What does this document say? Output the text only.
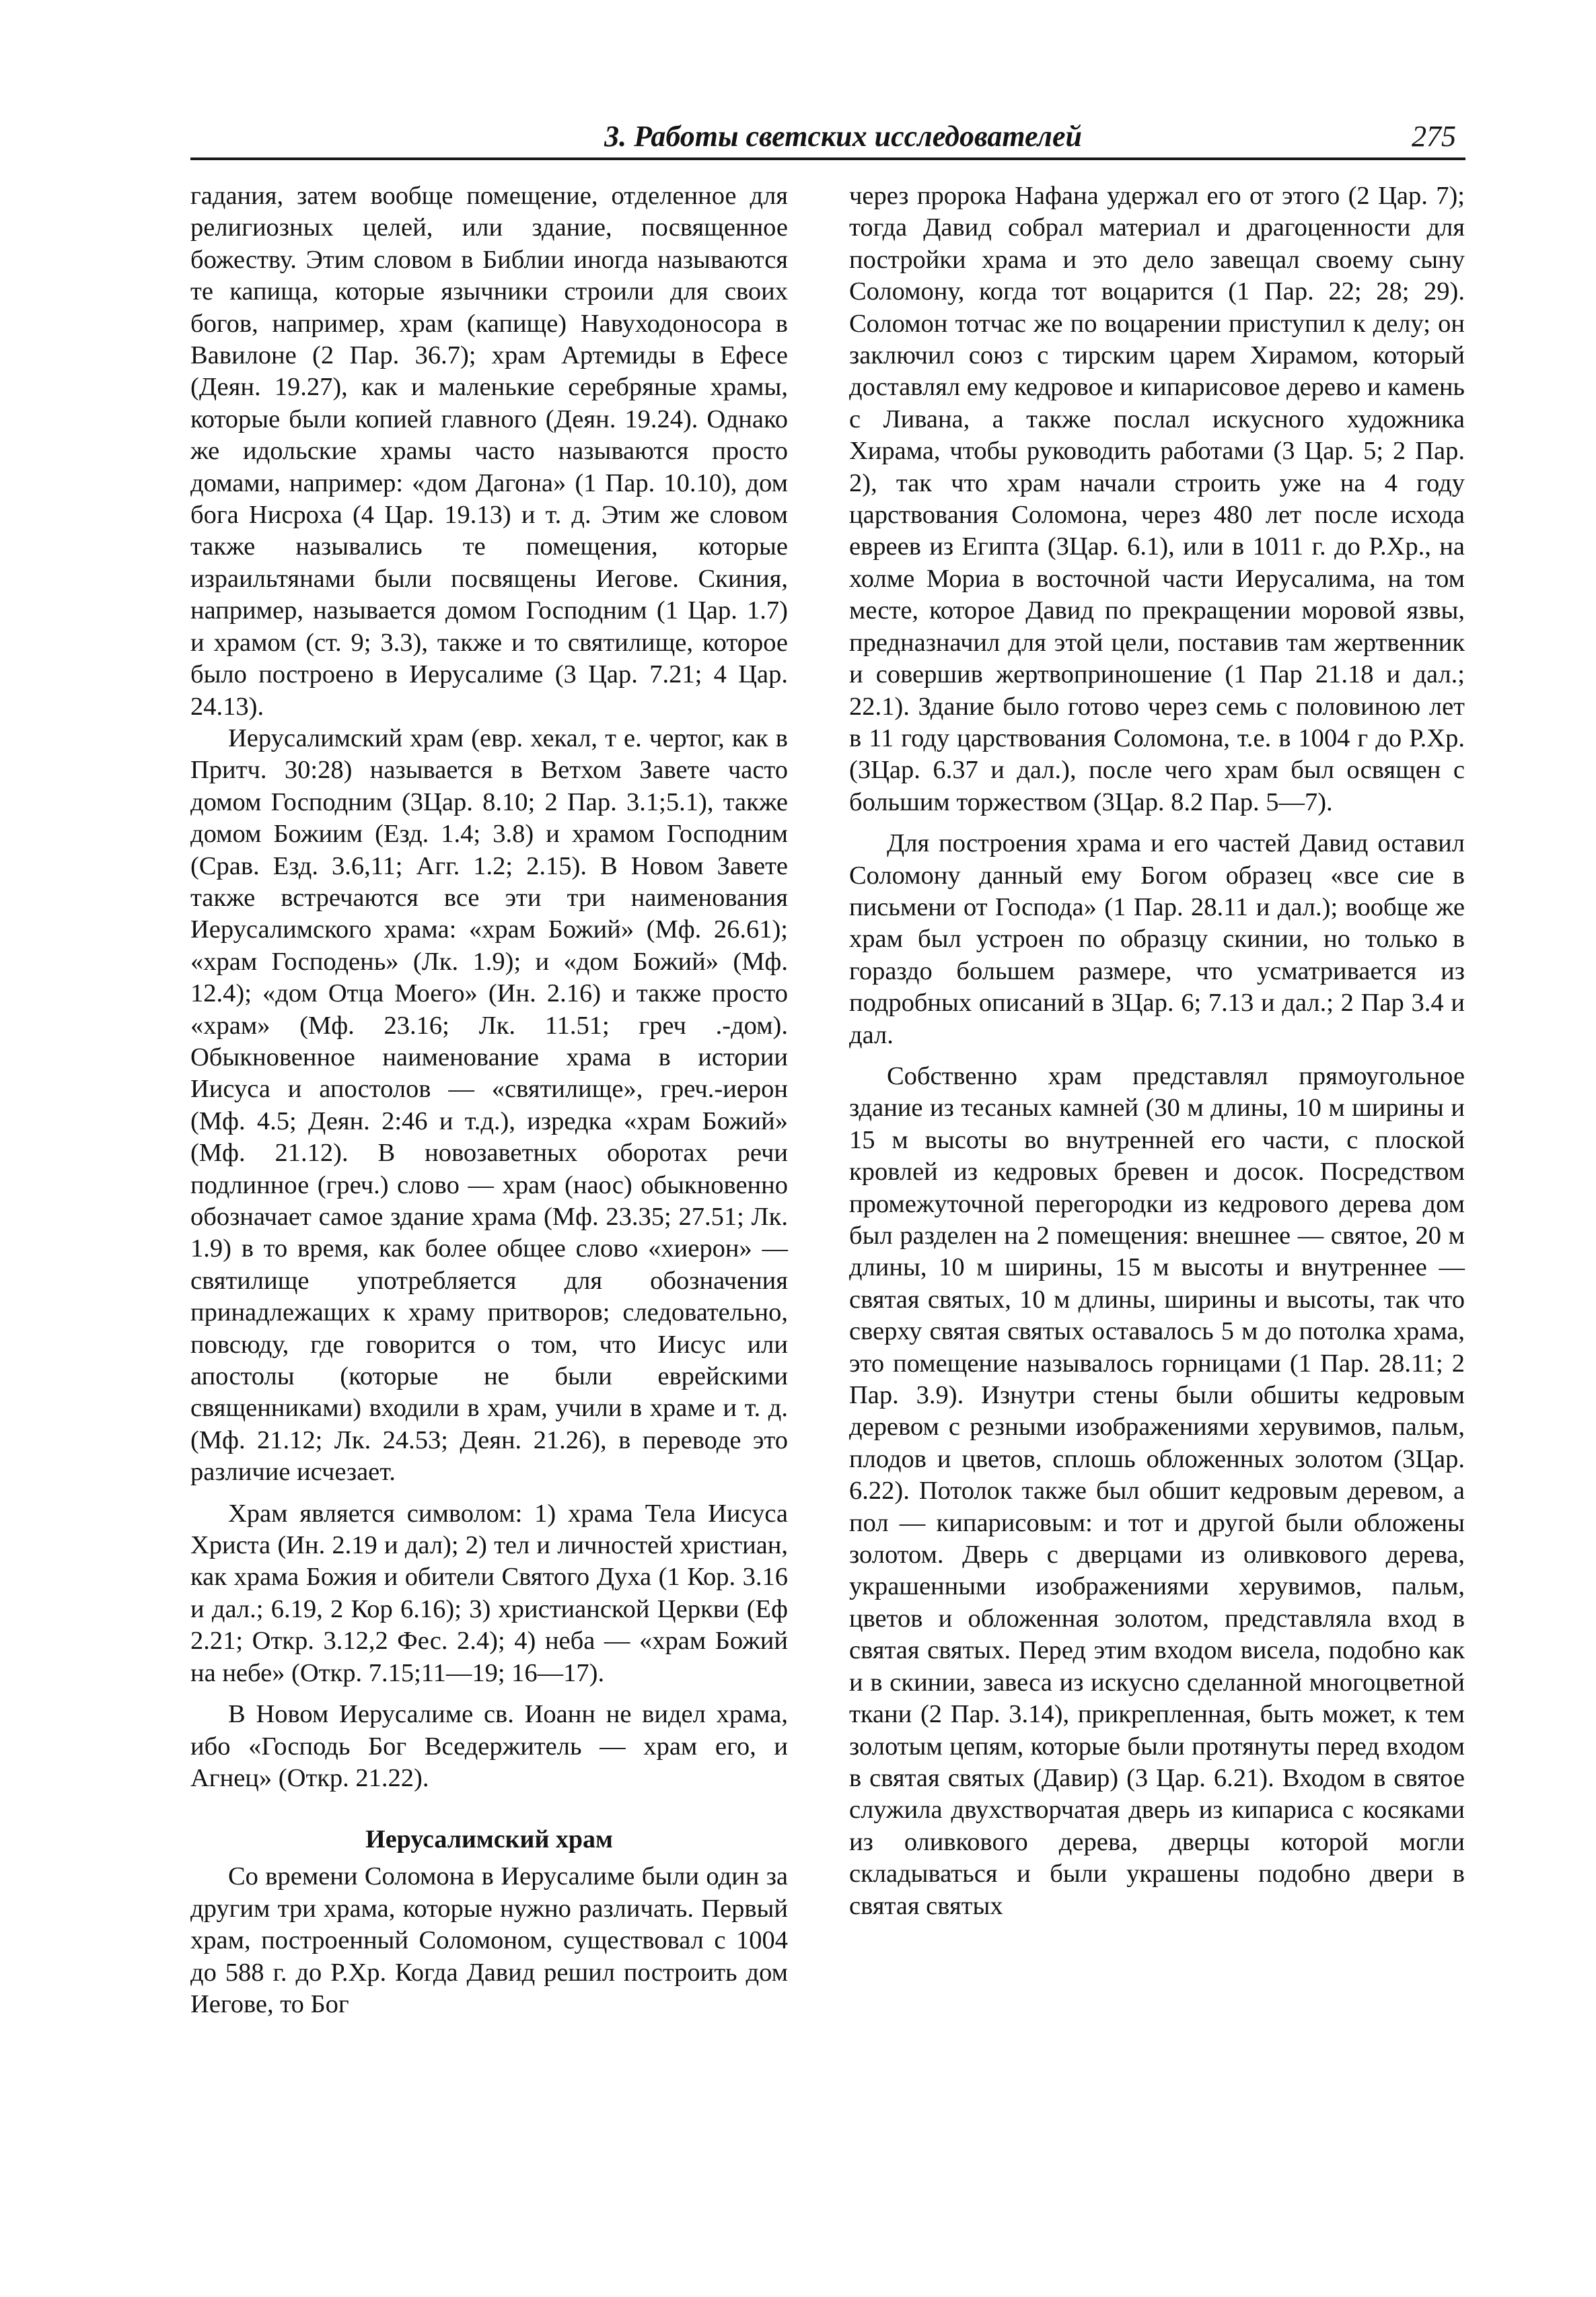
3. Работы светских исследователей	275

гадания, затем вообще помещение, отделенное для религиозных целей, или здание, посвященное божеству. Этим словом в Библии иногда называются те капища, которые язычники строили для своих богов, например, храм (капище) Навуходоносора в Вавилоне (2 Пар. 36.7); храм Артемиды в Ефесе (Деян. 19.27), как и маленькие серебряные храмы, которые были копией главного (Деян. 19.24). Однако же идольские храмы часто называются просто домами, например: «дом Дагона» (1 Пар. 10.10), дом бога Нисроха (4 Цар. 19.13) и т. д. Этим же словом также назывались те помещения, которые израильтянами были посвящены Иегове. Скиния, например, называется домом Господним (1 Цар. 1.7) и храмом (ст. 9; 3.3), также и то святилище, которое было построено в Иерусалиме (3 Цар. 7.21; 4 Цар. 24.13).

Иерусалимский храм (евр. хекал, т е. чертог, как в Притч. 30:28) называется в Ветхом Завете часто домом Господним (3Цар. 8.10; 2 Пар. 3.1;5.1), также домом Божиим (Езд. 1.4; 3.8) и храмом Господним (Срав. Езд. 3.6,11; Агг. 1.2; 2.15). В Новом Завете также встречаются все эти три наименования Иерусалимского храма: «храм Божий» (Мф. 26.61); «храм Господень» (Лк. 1.9); и «дом Божий» (Мф. 12.4); «дом Отца Моего» (Ин. 2.16) и также просто «храм» (Мф. 23.16; Лк. 11.51; греч .-дом). Обыкновенное наименование храма в истории Иисуса и апостолов — «святилище», греч.-иерон (Мф. 4.5; Деян. 2:46 и т.д.), изредка «храм Божий» (Мф. 21.12). В новозаветных оборотах речи подлинное (греч.) слово — храм (наос) обыкновенно обозначает самое здание храма (Мф. 23.35; 27.51; Лк. 1.9) в то время, как более общее слово «хиерон» — святилище употребляется для обозначения принадлежащих к храму притворов; следовательно, повсюду, где говорится о том, что Иисус или апостолы (которые не были еврейскими священниками) входили в храм, учили в храме и т. д. (Мф. 21.12; Лк. 24.53; Деян. 21.26), в переводе это различие исчезает.

Храм является символом: 1) храма Тела Иисуса Христа (Ин. 2.19 и дал); 2) тел и личностей христиан, как храма Божия и обители Святого Духа (1 Кор. 3.16 и дал.; 6.19, 2 Кор 6.16); 3) христианской Церкви (Еф 2.21; Откр. 3.12,2 Фес. 2.4); 4) неба — «храм Божий на небе» (Откр. 7.15;11—19; 16—17).

В Новом Иерусалиме св. Иоанн не видел храма, ибо «Господь Бог Вседержитель — храм его, и Агнец» (Откр. 21.22).

Иерусалимский храм

Со времени Соломона в Иерусалиме были один за другим три храма, которые нужно различать. Первый храм, построенный Соломоном, существовал с 1004 до 588 г. до Р.Хр. Когда Давид решил построить дом Иегове, то Бог

через пророка Нафана удержал его от этого (2 Цар. 7); тогда Давид собрал материал и драгоценности для постройки храма и это дело завещал своему сыну Соломону, когда тот воцарится (1 Пар. 22; 28; 29). Соломон тотчас же по воцарении приступил к делу; он заключил союз с тирским царем Хирамом, который доставлял ему кедровое и кипарисовое дерево и камень с Ливана, а также послал искусного художника Хирама, чтобы руководить работами (3 Цар. 5; 2 Пар. 2), так что храм начали строить уже на 4 году царствования Соломона, через 480 лет после исхода евреев из Египта (3Цар. 6.1), или в 1011 г. до Р.Хр., на холме Мориа в восточной части Иерусалима, на том месте, которое Давид по прекращении моровой язвы, предназначил для этой цели, поставив там жертвенник и совершив жертвоприношение (1 Пар 21.18 и дал.; 22.1). Здание было готово через семь с половиною лет в 11 году царствования Соломона, т.е. в 1004 г до Р.Хр. (3Цар. 6.37 и дал.), после чего храм был освящен с большим торжеством (3Цар. 8.2 Пар. 5—7).

Для построения храма и его частей Давид оставил Соломону данный ему Богом образец «все сие в письмени от Господа» (1 Пар. 28.11 и дал.); вообще же храм был устроен по образцу скинии, но только в гораздо большем размере, что усматривается из подробных описаний в 3Цар. 6; 7.13 и дал.; 2 Пар 3.4 и дал.

Собственно храм представлял прямоугольное здание из тесаных камней (30 м длины, 10 м ширины и 15 м высоты во внутренней его части, с плоской кровлей из кедровых бревен и досок. Посредством промежуточной перегородки из кедрового дерева дом был разделен на 2 помещения: внешнее — святое, 20 м длины, 10 м ширины, 15 м высоты и внутреннее — святая святых, 10 м длины, ширины и высоты, так что сверху святая святых оставалось 5 м до потолка храма, это помещение называлось горницами (1 Пар. 28.11; 2 Пар. 3.9). Изнутри стены были обшиты кедровым деревом с резными изображениями херувимов, пальм, плодов и цветов, сплошь обложенных золотом (3Цар. 6.22). Потолок также был обшит кедровым деревом, а пол — кипарисовым: и тот и другой были обложены золотом. Дверь с дверцами из оливкового дерева, украшенными изображениями херувимов, пальм, цветов и обложенная золотом, представляла вход в святая святых. Перед этим входом висела, подобно как и в скинии, завеса из искусно сделанной многоцветной ткани (2 Пар. 3.14), прикрепленная, быть может, к тем золотым цепям, которые были протянуты перед входом в святая святых (Давир) (3 Цар. 6.21). Входом в святое служила двухстворчатая дверь из кипариса с косяками из оливкового дерева, дверцы которой могли складываться и были украшены подобно двери в святая святых
